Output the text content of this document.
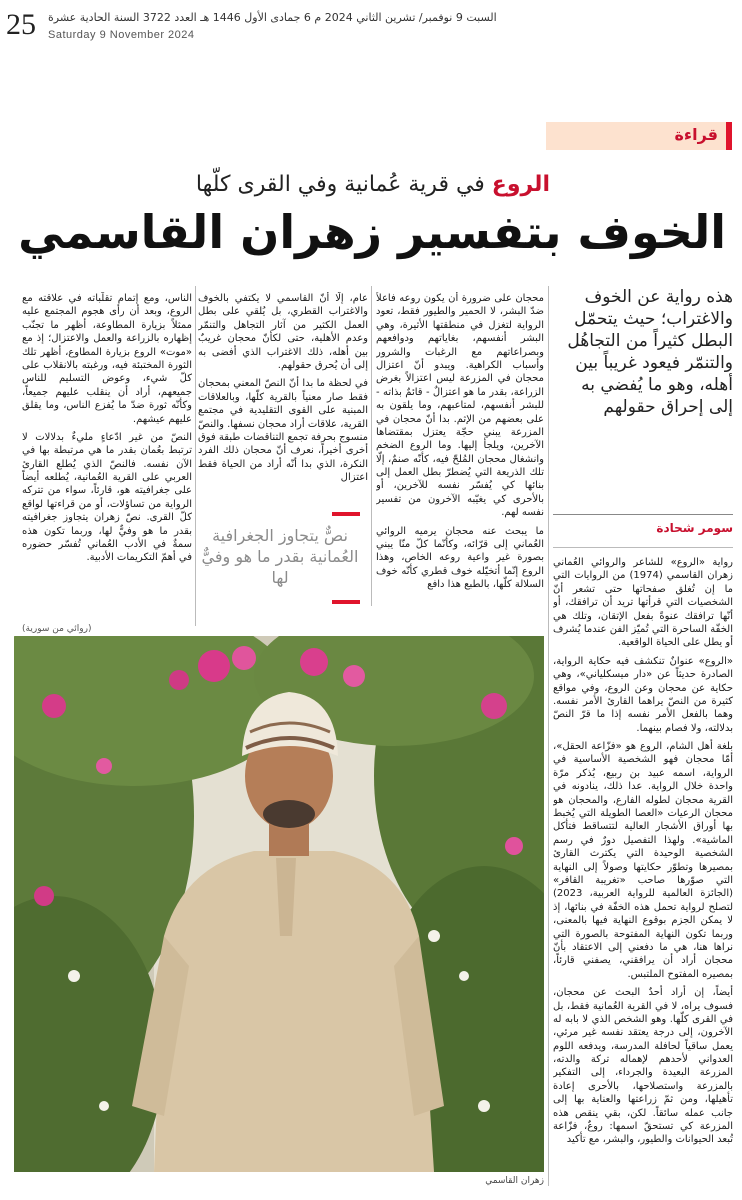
25 السبت 9 نوفمبر/ تشرين الثاني 2024 م 6 جمادى الأول 1446 هـ العدد 3722 السنة الحادية عشرة
Saturday 9 November 2024
قراءة
الروع في قرية عُمانية وفي القرى كلّها
الخوف بتفسير زهران القاسمي
هذه رواية عن الخوف والاغتراب؛ حيث يتحمّل البطل كثيراً من التجاهُل والتنمّر فيعود غريباً بين أهله، وهو ما يُفضي به إلى إحراق حقولهم
سومر شحادة

رواية «الروع» للشاعر والروائي العُماني زهران القاسمي (1974) من الروايات التي ما إن تُغلق صفحاتها حتى تشعر أنّ الشخصيات التي قرأتها تريد أن ترافقك، أو أنّها ترافقك عنوةً بفعل الإتقان، وتلك هي الخفّة الساحرة التي تُميّز الفن عندما يُشرف أو يطل على الحياة الواقعية.

«الروع» عنوانٌ تنكشف فيه حكاية الرواية، الصادرة حديثاً عن «دار ميسكلياني»، وهي حكاية عن محجان وعن الروع، وفي مواقع كثيرة من النصّ يراهما القارئ الأمر نفسه. وهما بالفعل الأمر نفسه إذا ما قرّ النصّ بدلالته، ولا فصام بينهما.

بلغة أهل الشام، الروع هو «فزّاعة الحقل»، أمّا محجان فهو الشخصية الأساسية في الرواية، اسمه عبيد بن ربيع، يُذكر مرّة واحدة خلال الرواية. عدا ذلك، ينادونه في القرية محجان لطوله الفارع، والمحجان هو محجان الرعيات «العصا الطويلة التي يُخبط بها أوراق الأشجار العالية لتتساقط فتأكل الماشية». ولهذا التفصيل دورٌ في رسم الشخصية الوحيدة التي يكترث القارئ بمصيرها وتطوّر حكايتها وصولاً إلى النهاية التي صوّرها صاحب «تغريبة القافر» (الجائزة العالمية للرواية العربية، 2023) لتصلح لرواية تحمل هذه الخفّة في بنائها، إذ لا يمكن الجزم بوقوع النهاية فيها بالمعنى، وربما تكون النهاية المفتوحة بالصورة التي نراها هنا، هي ما دفعني إلى الاعتقاد بأنّ محجان أراد أن يرافقني، يصفني قارئاً، بمصيره المفتوح الملتبس.

أيضاً، إن أراد أحدٌ البحث عن محجان، فسوف يراه، لا في القرية العُمانية فقط، بل في القرى كلّها. وهو الشخص الذي لا بابه له الآخرون، إلى درجة يعتقد نفسه غير مرئي، يعمل ساقياً لحافلة المدرسة، ويدفعه اللوم العدواني لأحدهم لإهماله تركة والدته، المزرعة البعيدة والجرداء، إلى التفكير بالمزرعة واستصلاحها، بالأحرى إعادة تأهيلها، ومن ثمّ زراعتها والعناية بها إلى جانب عمله سائقاً. لكن، بقي ينقص هذه المزرعة كي تستحقّ اسمها: روعٌ، فزّاعة تُبعد الحيوانات والطيور، والبشر، مع تأكيد

محجان على ضرورة أن يكون روعه فاعلاً ضدّ البشر، لا الحمير والطيور فقط، تعود الرواية لتغزل في منطقتها الأثيرة، وهي البشر أنفسهم، بغاياتهم ودوافعهم وبصراعاتهم مع الرغبات والشرور وأسباب الكراهية. ويبدو أنّ اعتزال محجان في المزرعة ليس اعتزالاً بغرض الزراعة، بقدر ما هو اعتزالٌ - قائمٌ بذاته - للبشر أنفسهم، لمتاعبهم، وما يلقون به على بعضهم من الإثم. بدا أنّ محجان في المزرعة يبني حجّة يعتزل بمقتضاها الآخرين، ويلجأ إليها. وما الروع الضخم وانشغال محجان المُلحّ فيه، كأنّه صنمٌ، إلّا تلك الذريعة التي يُضطرّ بطل العمل إلى بنائها كي يُفسّر نفسه للآخرين، أو بالأحرى كي يغيّبه الآخرون من تفسير نفسه لهم.

ما يبحث عنه محجان يرميه الروائي العُماني إلى قرّائه، وكأنّما كلّ منّا يبني بصورة غير واعية روعه الخاص، وهذا الروع إنّما أتخيّله خوف قطري كأنّه خوف السلالة كلّها، بالطبع هذا دافع

عام، إلّا أنّ القاسمي لا يكتفي بالخوف والاغتراب القطري، بل يُلقي على بطل العمل الكثير من آثار التجاهل والتنمّر وعدم الأهلية، حتى لكأنّ محجان غريبٌ بين أهله، ذلك الاغتراب الذي أفضى به إلى أن يُحرق حقولهم.

في لحظة ما بدا أنّ النصّ المعني بمحجان فقط صار معنياً بالقرية كلّها، وبالعلاقات المبنية على القوى التقليدية في مجتمع القرية، علاقات أراد محجان نسفها. والنصّ منسوج بحرفة تجمع التناقضات طبقة فوق أخرى أخيراً، نعرف أنّ محجان ذلك الفرد النكرة، الذي بدا أنّه أراد من الحياة فقط اعتزال

الناس، ومع إتمام تقلّباته في علاقته مع الروع، وبعد أن رأى هجوم المجتمع عليه ممثلاً بزيارة المطاوعة، أظهر ما تجنّب إظهاره بالزراعة والعمل والاعتزال؛ إذ مع «موت» الروع بزيارة المطاوع، أظهر تلك الثورة المختبئة فيه، ورغبته بالانقلاب على كلّ شيء، وعوض التسليم للناس جميعهم، أراد أن ينقلب عليهم جميعاً، وكأنّه ثورة ضدّ ما يُفزع الناس، وما يقلق عليهم عيشهم.

النصّ من غير ادّعاءٍ مليءٌ بدلالات لا ترتبط بعُمان بقدر ما هي مرتبطة بها في الآن نفسه. فالنصّ الذي يُطلع القارئ العربي على القرية العُمانية، يُطلعه أيضاً على جغرافيته هو، قارئاً، سواء من تتركه الرواية من تساؤلات، أو من قراءتها لواقع كلّ القرى. نصّ زهران يتجاوز جغرافيته بقدر ما هو وفيٌّ لها، وربما تكون هذه سمةٌ في الأدب العُماني تُفسّر حضوره في أهمّ التكريمات الأدبية.

نصٌّ يتجاوز الجغرافية العُمانية بقدر ما هو وفيٌّ لها
(روائي من سورية)
زهران القاسمي
